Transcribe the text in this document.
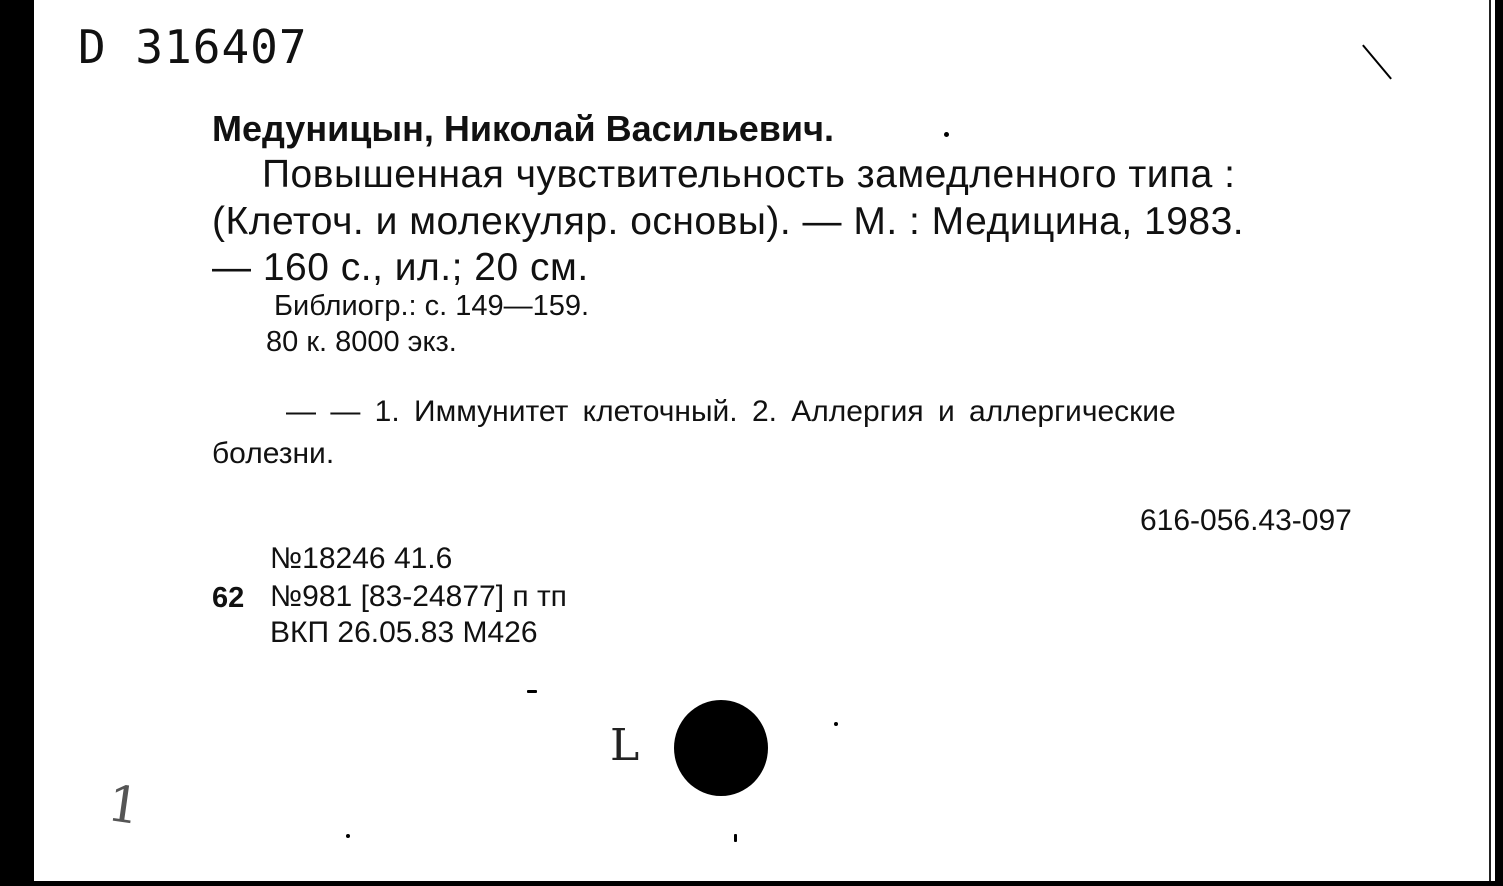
D 316407
Медуницын, Николай Васильевич.
Повышенная чувствительность замедленного типа :
(Клеточ. и молекуляр. основы). — М. : Медицина, 1983.
— 160 с., ил.; 20 см.
Библиогр.: с. 149—159.
80 к. 8000 экз.
— — 1. Иммунитет клеточный. 2. Аллергия и аллергические
болезни.
616-056.43-097
№18246 41.6
62 №981 [83-24877] п тп
ВКП 26.05.83 М426
L
1
